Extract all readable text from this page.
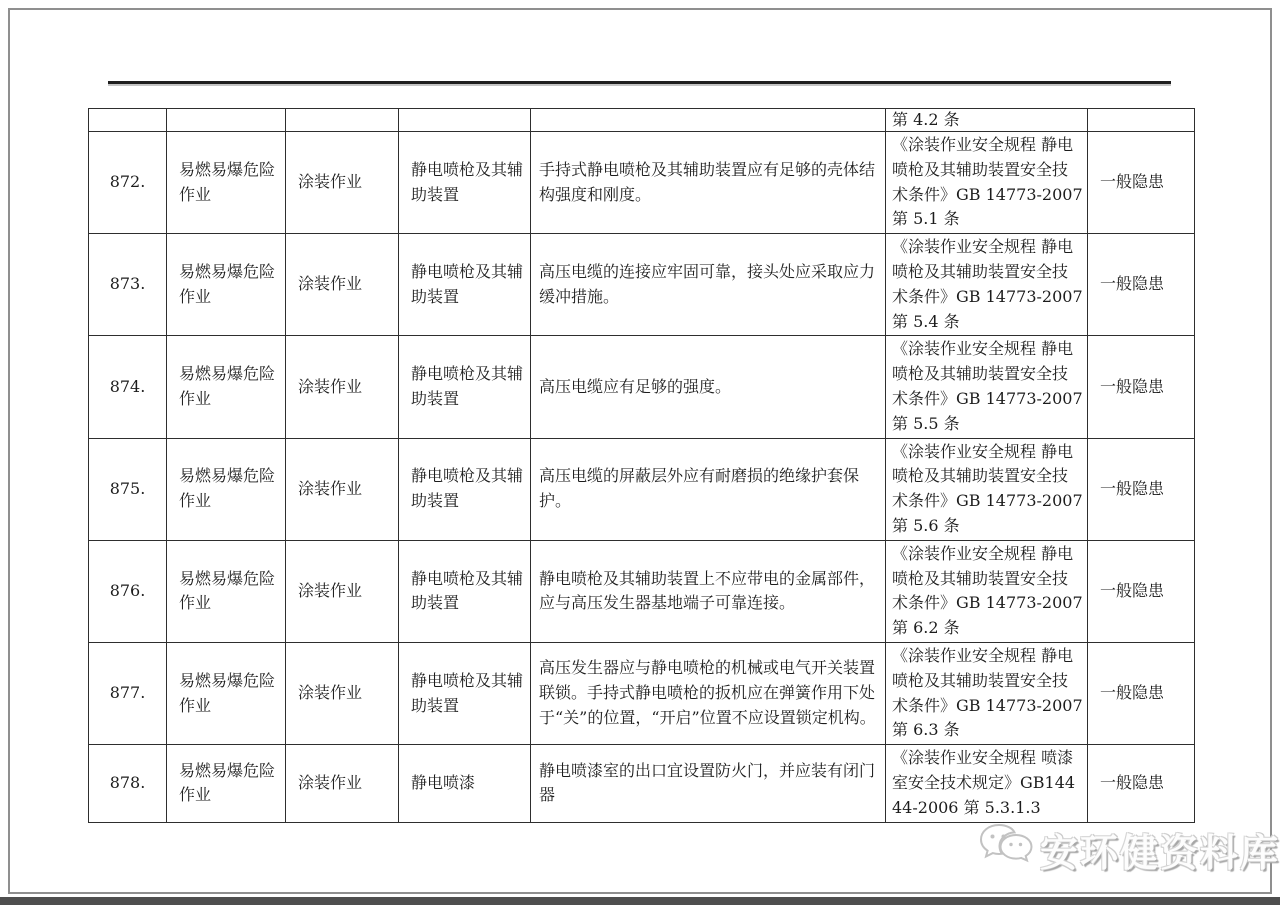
					第 4.2 条	
872.	易燃易爆危险作业	涂装作业	静电喷枪及其辅助装置	手持式静电喷枪及其辅助装置应有足够的壳体结构强度和刚度。	《涂装作业安全规程 静电喷枪及其辅助装置安全技术条件》GB 14773-2007 第 5.1 条	一般隐患
873.	易燃易爆危险作业	涂装作业	静电喷枪及其辅助装置	高压电缆的连接应牢固可靠，接头处应采取应力缓冲措施。	《涂装作业安全规程 静电喷枪及其辅助装置安全技术条件》GB 14773-2007 第 5.4 条	一般隐患
874.	易燃易爆危险作业	涂装作业	静电喷枪及其辅助装置	高压电缆应有足够的强度。	《涂装作业安全规程 静电喷枪及其辅助装置安全技术条件》GB 14773-2007 第 5.5 条	一般隐患
875.	易燃易爆危险作业	涂装作业	静电喷枪及其辅助装置	高压电缆的屏蔽层外应有耐磨损的绝缘护套保护。	《涂装作业安全规程 静电喷枪及其辅助装置安全技术条件》GB 14773-2007 第 5.6 条	一般隐患
876.	易燃易爆危险作业	涂装作业	静电喷枪及其辅助装置	静电喷枪及其辅助装置上不应带电的金属部件，应与高压发生器基地端子可靠连接。	《涂装作业安全规程 静电喷枪及其辅助装置安全技术条件》GB 14773-2007 第 6.2 条	一般隐患
877.	易燃易爆危险作业	涂装作业	静电喷枪及其辅助装置	高压发生器应与静电喷枪的机械或电气开关装置联锁。手持式静电喷枪的扳机应在弹簧作用下处于“关”的位置，“开启”位置不应设置锁定机构。	《涂装作业安全规程 静电喷枪及其辅助装置安全技术条件》GB 14773-2007 第 6.3 条	一般隐患
878.	易燃易爆危险作业	涂装作业	静电喷漆	静电喷漆室的出口宜设置防火门，并应装有闭门器	《涂装作业安全规程 喷漆室安全技术规定》GB14444-2006 第 5.3.1.3	一般隐患
安环健资料库
